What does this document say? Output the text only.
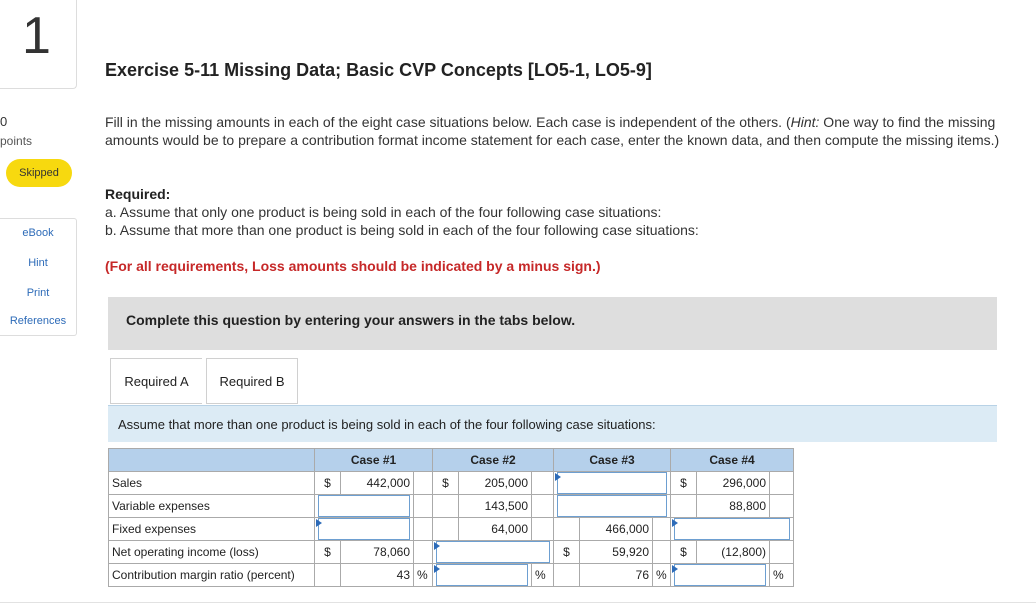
1
0
points
Skipped
eBook
Hint
Print
References
Exercise 5-11 Missing Data; Basic CVP Concepts [LO5-1, LO5-9]

Fill in the missing amounts in each of the eight case situations below. Each case is independent of the others. (Hint: One way to find the missing amounts would be to prepare a contribution format income statement for each case, enter the known data, and then compute the missing items.)

Required:

a. Assume that only one product is being sold in each of the four following case situations:

b. Assume that more than one product is being sold in each of the four following case situations:

(For all requirements, Loss amounts should be indicated by a minus sign.)

Complete this question by entering your answers in the tabs below.
Required A	Required B
Assume that more than one product is being sold in each of the four following case situations:
	Case #1			Case #2			Case #3			Case #4		
Sales	$	442,000		$	205,000					$	296,000	
Variable expenses					143,500						88,800	
Fixed expenses					64,000			466,000				

Net operating income (loss)	$	78,060					$	59,920		$	(12,800)	
Contribution margin ratio (percent)		43	%			%		76	%			%
